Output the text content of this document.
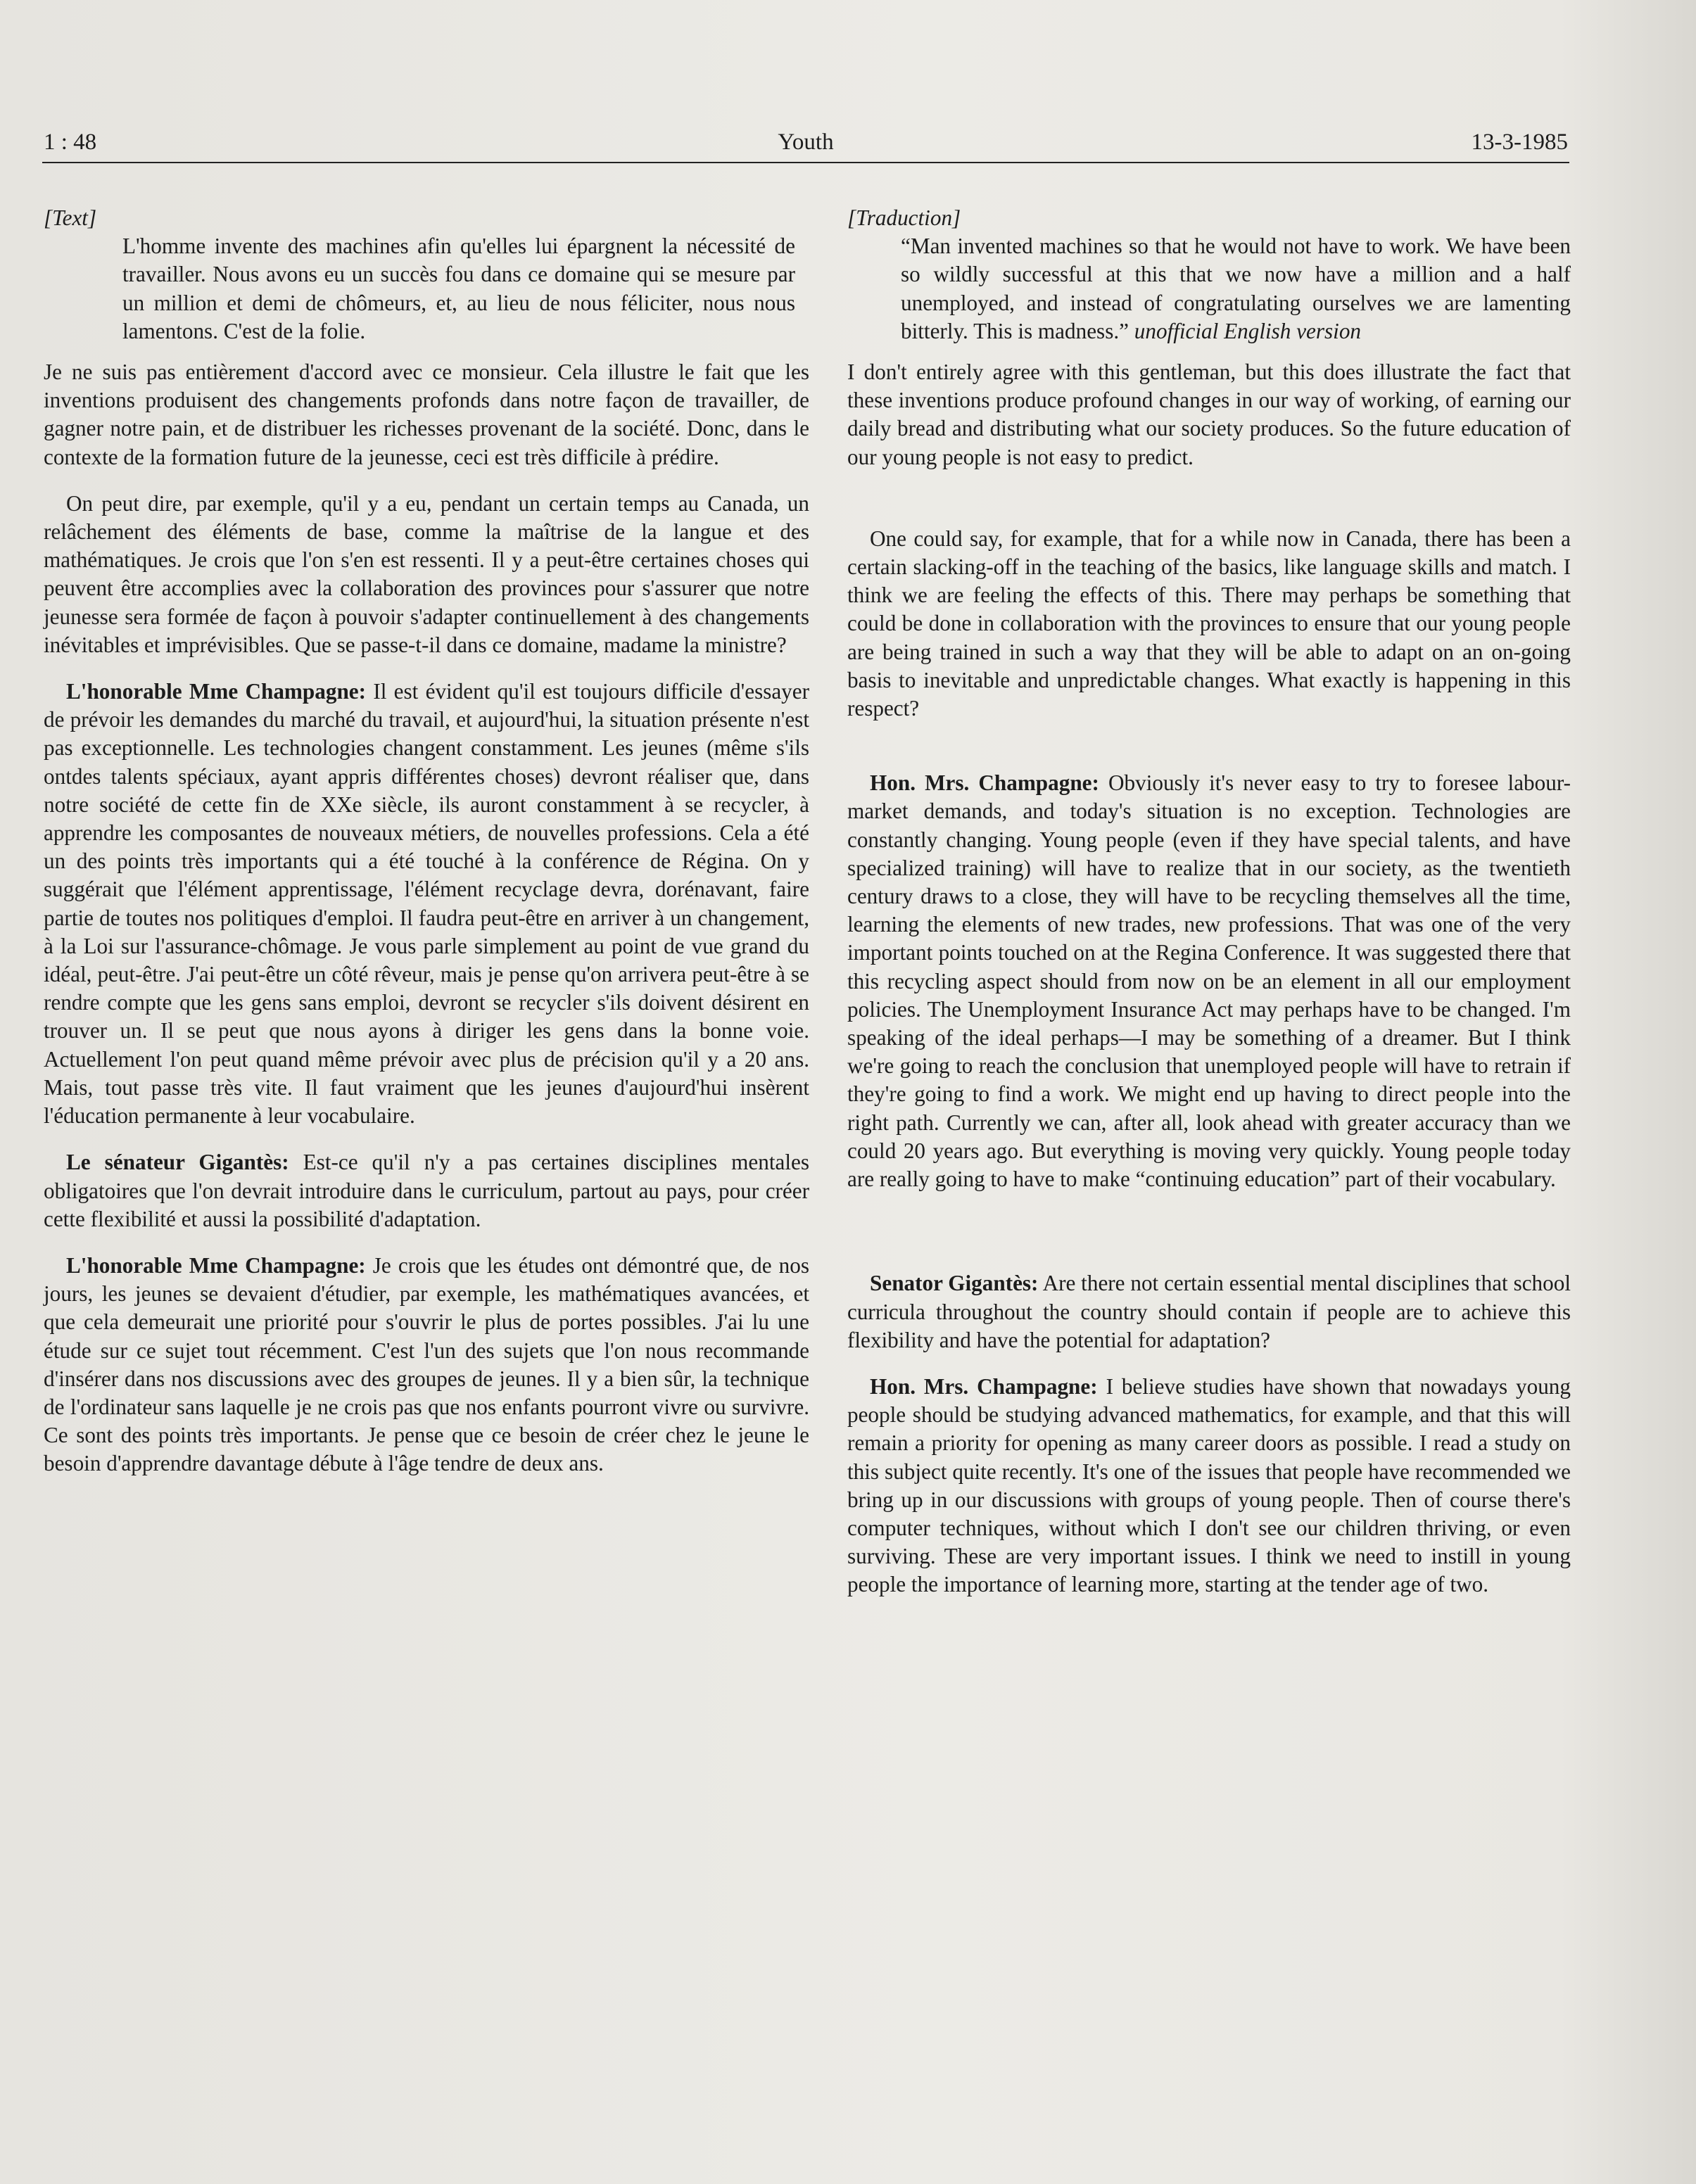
1 : 48	Youth	13-3-1985

[Text]

L'homme invente des machines afin qu'elles lui épargnent la nécessité de travailler. Nous avons eu un succès fou dans ce domaine qui se mesure par un million et demi de chômeurs, et, au lieu de nous féliciter, nous nous lamentons. C'est de la folie.

Je ne suis pas entièrement d'accord avec ce monsieur. Cela illustre le fait que les inventions produisent des changements profonds dans notre façon de travailler, de gagner notre pain, et de distribuer les richesses provenant de la société. Donc, dans le contexte de la formation future de la jeunesse, ceci est très difficile à prédire.

On peut dire, par exemple, qu'il y a eu, pendant un certain temps au Canada, un relâchement des éléments de base, comme la maîtrise de la langue et des mathématiques. Je crois que l'on s'en est ressenti. Il y a peut-être certaines choses qui peuvent être accomplies avec la collaboration des provinces pour s'assurer que notre jeunesse sera formée de façon à pouvoir s'adapter continuellement à des changements inévitables et imprévisibles. Que se passe-t-il dans ce domaine, madame la ministre?

L'honorable Mme Champagne: Il est évident qu'il est toujours difficile d'essayer de prévoir les demandes du marché du travail, et aujourd'hui, la situation présente n'est pas exceptionnelle. Les technologies changent constamment. Les jeunes (même s'ils ontdes talents spéciaux, ayant appris différentes choses) devront réaliser que, dans notre société de cette fin de XXe siècle, ils auront constamment à se recycler, à apprendre les composantes de nouveaux métiers, de nouvelles professions. Cela a été un des points très importants qui a été touché à la conférence de Régina. On y suggérait que l'élément apprentissage, l'élément recyclage devra, dorénavant, faire partie de toutes nos politiques d'emploi. Il faudra peut-être en arriver à un changement, à la Loi sur l'assurance-chômage. Je vous parle simplement au point de vue grand du idéal, peut-être. J'ai peut-être un côté rêveur, mais je pense qu'on arrivera peut-être à se rendre compte que les gens sans emploi, devront se recycler s'ils doivent désirent en trouver un. Il se peut que nous ayons à diriger les gens dans la bonne voie. Actuellement l'on peut quand même prévoir avec plus de précision qu'il y a 20 ans. Mais, tout passe très vite. Il faut vraiment que les jeunes d'aujourd'hui insèrent l'éducation permanente à leur vocabulaire.

Le sénateur Gigantès: Est-ce qu'il n'y a pas certaines disciplines mentales obligatoires que l'on devrait introduire dans le curriculum, partout au pays, pour créer cette flexibilité et aussi la possibilité d'adaptation.

L'honorable Mme Champagne: Je crois que les études ont démontré que, de nos jours, les jeunes se devaient d'étudier, par exemple, les mathématiques avancées, et que cela demeurait une priorité pour s'ouvrir le plus de portes possibles. J'ai lu une étude sur ce sujet tout récemment. C'est l'un des sujets que l'on nous recommande d'insérer dans nos discussions avec des groupes de jeunes. Il y a bien sûr, la technique de l'ordinateur sans laquelle je ne crois pas que nos enfants pourront vivre ou survivre. Ce sont des points très importants. Je pense que ce besoin de créer chez le jeune le besoin d'apprendre davantage débute à l'âge tendre de deux ans.

[Traduction]

“Man invented machines so that he would not have to work. We have been so wildly successful at this that we now have a million and a half unemployed, and instead of congratulating ourselves we are lamenting bitterly. This is madness.” unofficial English version

I don't entirely agree with this gentleman, but this does illustrate the fact that these inventions produce profound changes in our way of working, of earning our daily bread and distributing what our society produces. So the future education of our young people is not easy to predict.

One could say, for example, that for a while now in Canada, there has been a certain slacking-off in the teaching of the basics, like language skills and match. I think we are feeling the effects of this. There may perhaps be something that could be done in collaboration with the provinces to ensure that our young people are being trained in such a way that they will be able to adapt on an on-going basis to inevitable and unpredictable changes. What exactly is happening in this respect?

Hon. Mrs. Champagne: Obviously it's never easy to try to foresee labour-market demands, and today's situation is no exception. Technologies are constantly changing. Young people (even if they have special talents, and have specialized training) will have to realize that in our society, as the twentieth century draws to a close, they will have to be recycling themselves all the time, learning the elements of new trades, new professions. That was one of the very important points touched on at the Regina Conference. It was suggested there that this recycling aspect should from now on be an element in all our employment policies. The Unemployment Insurance Act may perhaps have to be changed. I'm speaking of the ideal perhaps—I may be something of a dreamer. But I think we're going to reach the conclusion that unemployed people will have to retrain if they're going to find a work. We might end up having to direct people into the right path. Currently we can, after all, look ahead with greater accuracy than we could 20 years ago. But everything is moving very quickly. Young people today are really going to have to make “continuing education” part of their vocabulary.

Senator Gigantès: Are there not certain essential mental disciplines that school curricula throughout the country should contain if people are to achieve this flexibility and have the potential for adaptation?

Hon. Mrs. Champagne: I believe studies have shown that nowadays young people should be studying advanced mathematics, for example, and that this will remain a priority for opening as many career doors as possible. I read a study on this subject quite recently. It's one of the issues that people have recommended we bring up in our discussions with groups of young people. Then of course there's computer techniques, without which I don't see our children thriving, or even surviving. These are very important issues. I think we need to instill in young people the importance of learning more, starting at the tender age of two.
